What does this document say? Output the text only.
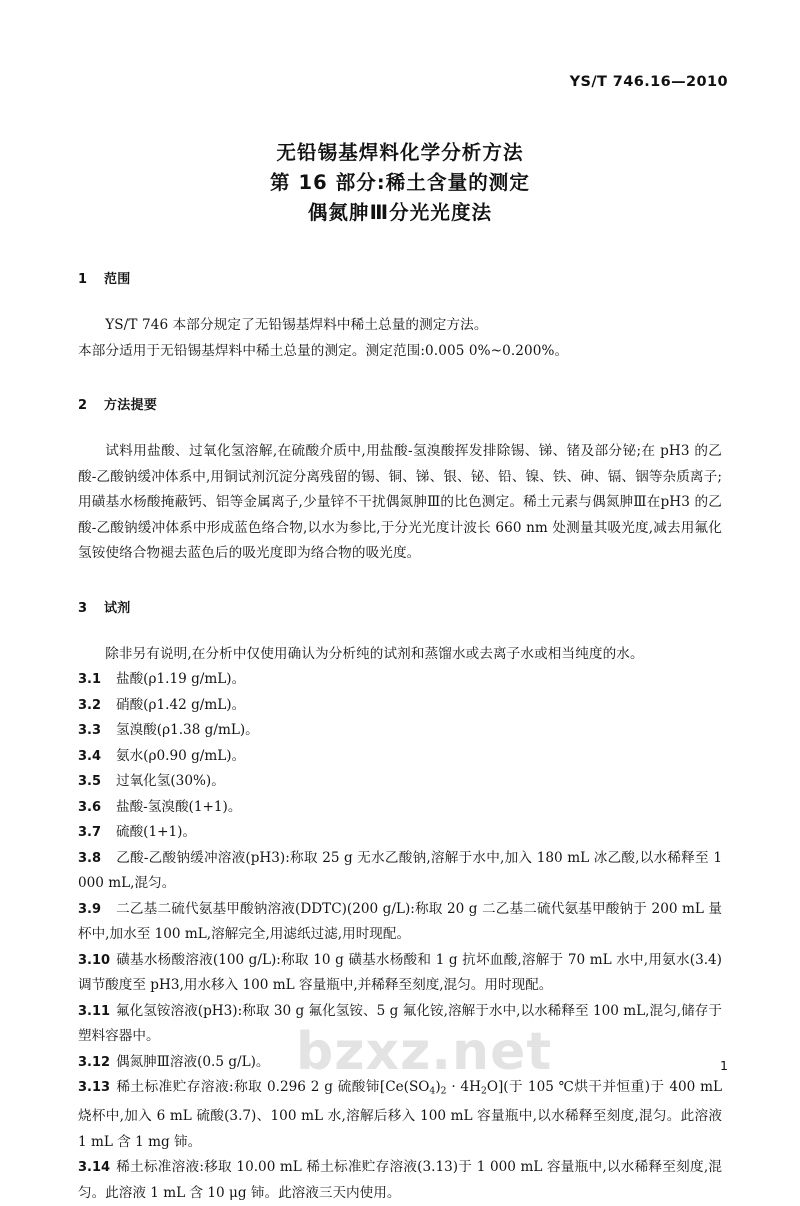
YS/T 746.16—2010
无铅锡基焊料化学分析方法
第 16 部分:稀土含量的测定
偶氮胂Ⅲ分光光度法
1 范围

YS/T 746 本部分规定了无铅锡基焊料中稀土总量的测定方法。

本部分适用于无铅锡基焊料中稀土总量的测定。测定范围:0.005 0%~0.200%。

2 方法提要

试料用盐酸、过氧化氢溶解,在硫酸介质中,用盐酸-氢溴酸挥发排除锡、锑、锗及部分铋;在 pH3 的乙酸-乙酸钠缓冲体系中,用铜试剂沉淀分离残留的锡、铜、锑、银、铋、铅、镍、铁、砷、镉、铟等杂质离子;用磺基水杨酸掩蔽钙、铝等金属离子,少量锌不干扰偶氮胂Ⅲ的比色测定。稀土元素与偶氮胂Ⅲ在pH3 的乙酸-乙酸钠缓冲体系中形成蓝色络合物,以水为参比,于分光光度计波长 660 nm 处测量其吸光度,减去用氟化氢铵使络合物褪去蓝色后的吸光度即为络合物的吸光度。

3 试剂

除非另有说明,在分析中仅使用确认为分析纯的试剂和蒸馏水或去离子水或相当纯度的水。

3.1 盐酸(ρ1.19 g/mL)。
3.2 硝酸(ρ1.42 g/mL)。
3.3 氢溴酸(ρ1.38 g/mL)。
3.4 氨水(ρ0.90 g/mL)。
3.5 过氧化氢(30%)。
3.6 盐酸-氢溴酸(1+1)。
3.7 硫酸(1+1)。
3.8 乙酸-乙酸钠缓冲溶液(pH3):称取 25 g 无水乙酸钠,溶解于水中,加入 180 mL 冰乙酸,以水稀释至 1 000 mL,混匀。
3.9 二乙基二硫代氨基甲酸钠溶液(DDTC)(200 g/L):称取 20 g 二乙基二硫代氨基甲酸钠于 200 mL 量杯中,加水至 100 mL,溶解完全,用滤纸过滤,用时现配。
3.10 磺基水杨酸溶液(100 g/L):称取 10 g 磺基水杨酸和 1 g 抗坏血酸,溶解于 70 mL 水中,用氨水(3.4)调节酸度至 pH3,用水移入 100 mL 容量瓶中,并稀释至刻度,混匀。用时现配。
3.11 氟化氢铵溶液(pH3):称取 30 g 氟化氢铵、5 g 氟化铵,溶解于水中,以水稀释至 100 mL,混匀,储存于塑料容器中。
3.12 偶氮胂Ⅲ溶液(0.5 g/L)。
3.13 稀土标准贮存溶液:称取 0.296 2 g 硫酸铈$[Ce(SO_4)_2 \cdot 4H_2O]$(于 105 ℃烘干并恒重)于 400 mL 烧杯中,加入 6 mL 硫酸(3.7)、100 mL 水,溶解后移入 100 mL 容量瓶中,以水稀释至刻度,混匀。此溶液 1 mL 含 1 mg 铈。
3.14 稀土标准溶液:移取 10.00 mL 稀土标准贮存溶液(3.13)于 1 000 mL 容量瓶中,以水稀释至刻度,混匀。此溶液 1 mL 含 10 μg 铈。此溶液三天内使用。
bzxz.net	1
